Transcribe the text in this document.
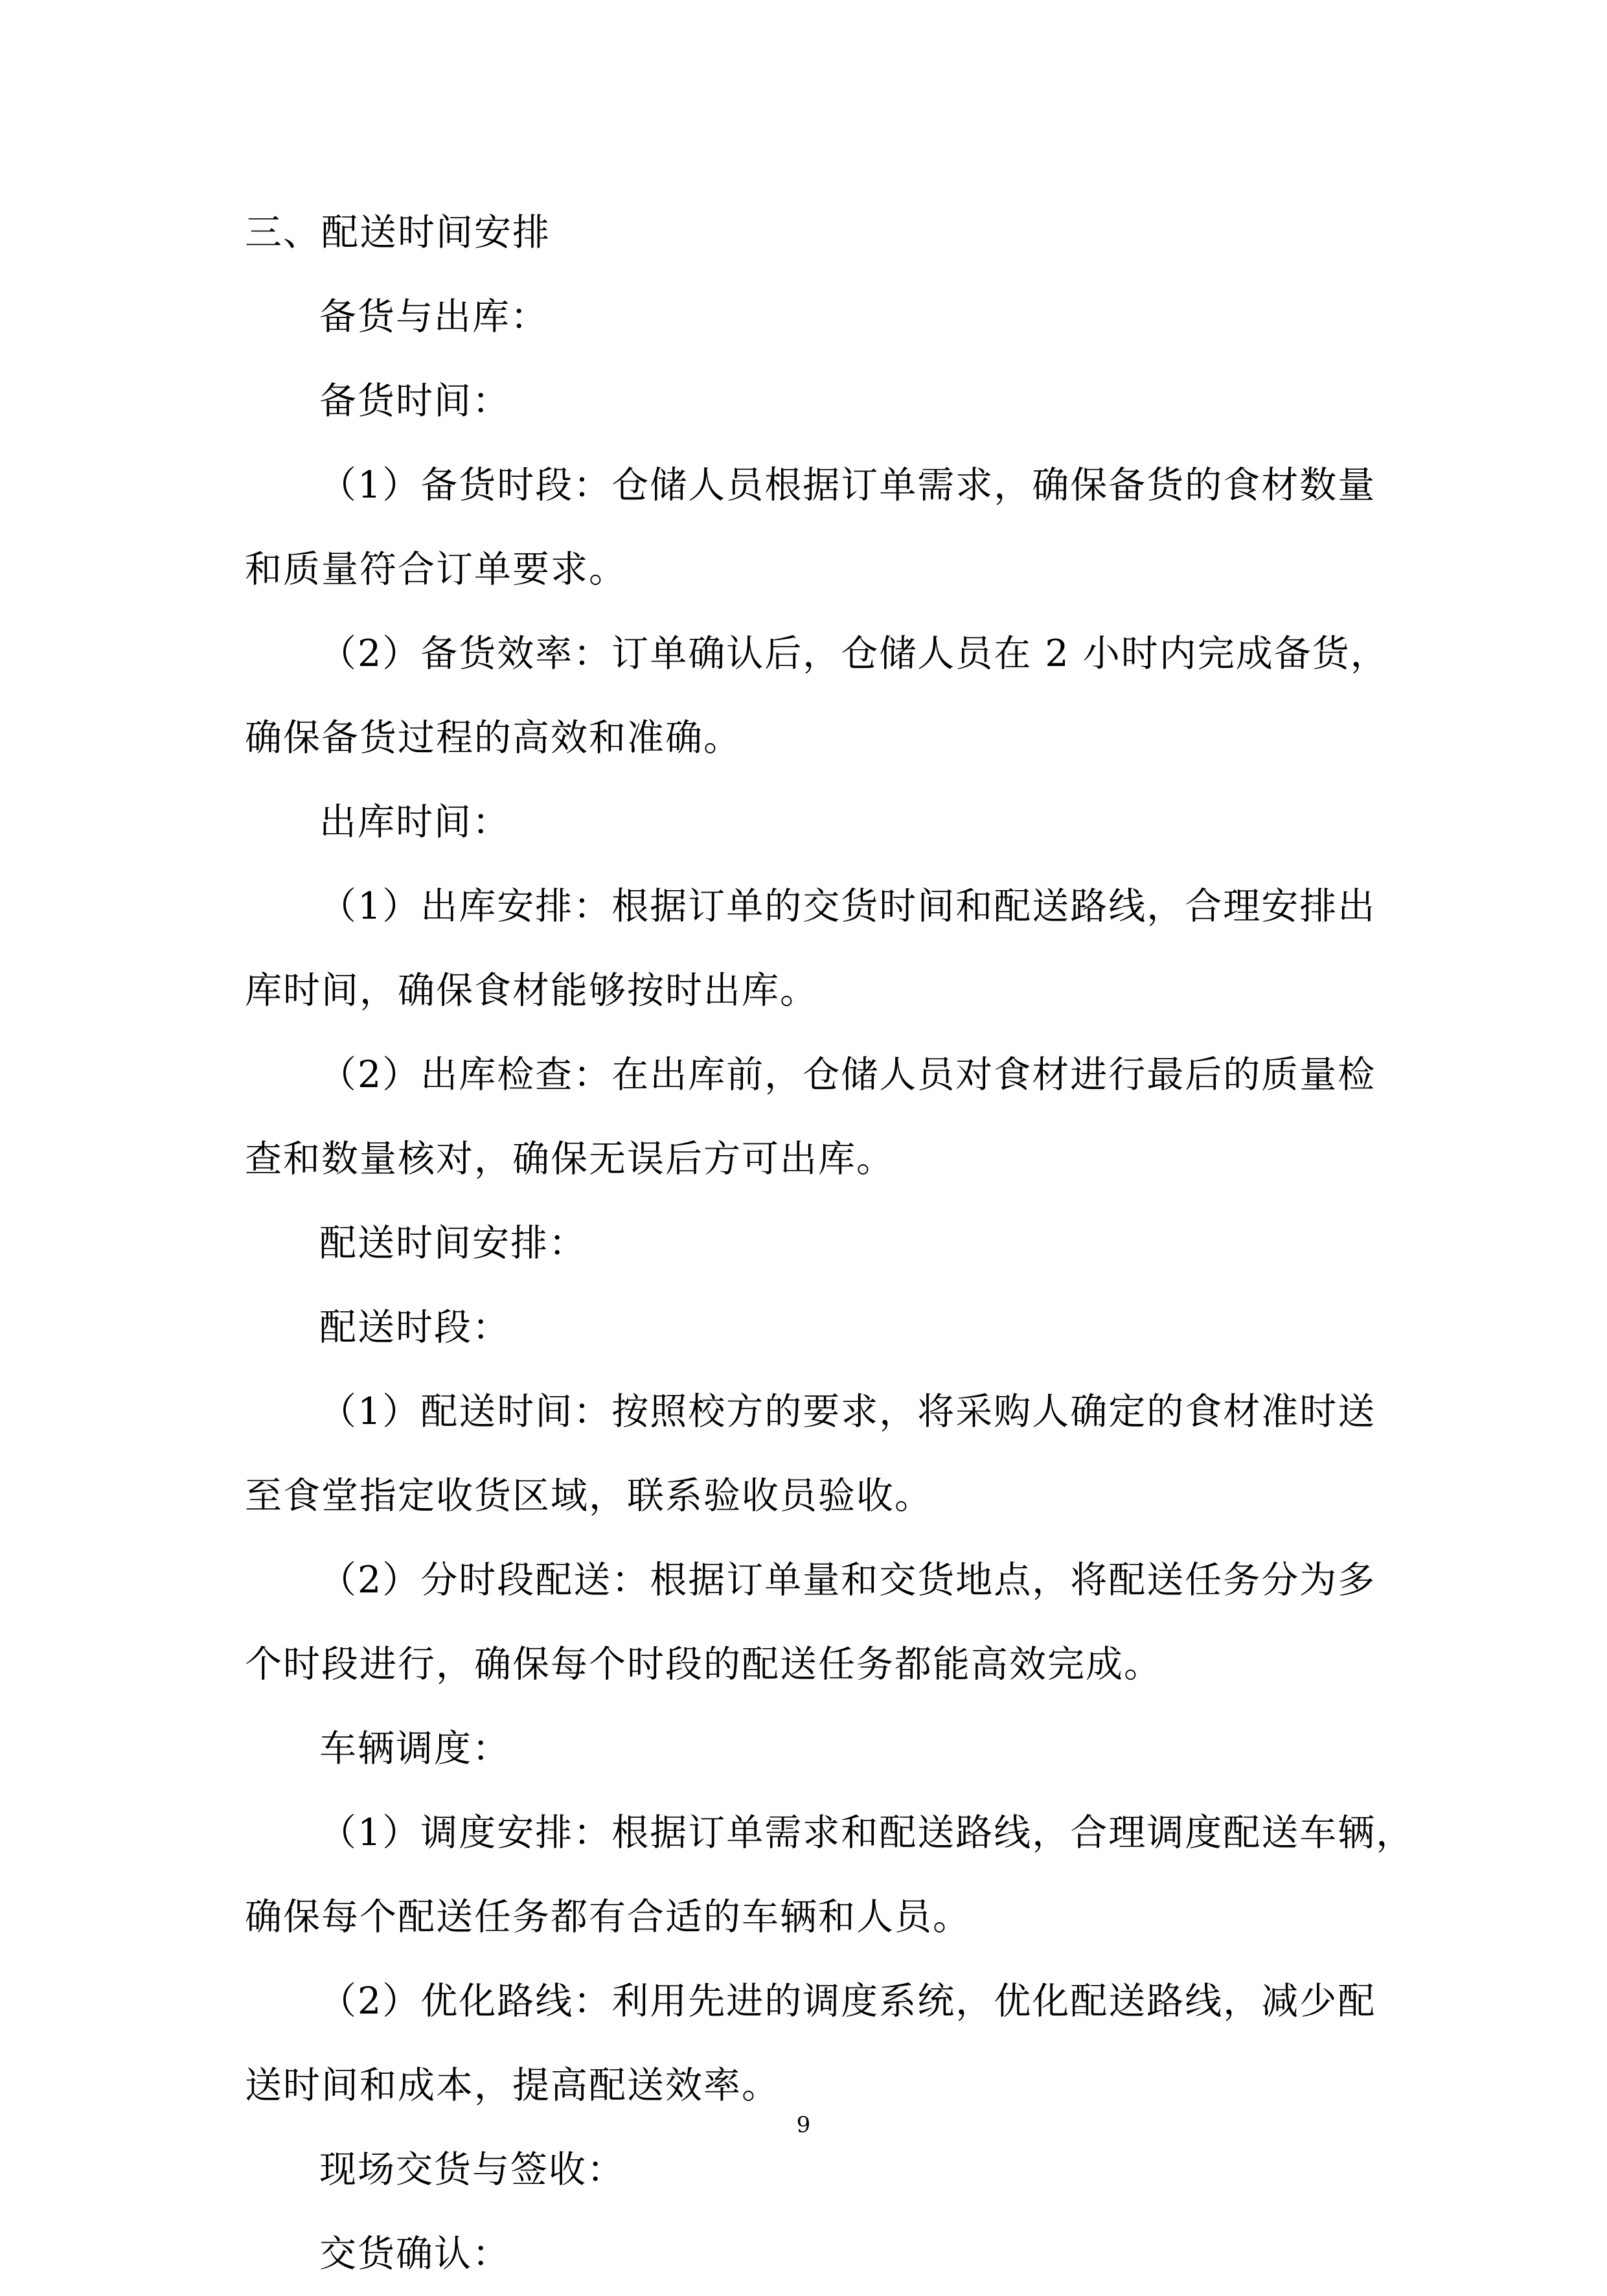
三、配送时间安排
备货与出库：
备货时间：
（1）备货时段：仓储人员根据订单需求，确保备货的食材数量
和质量符合订单要求。
（2）备货效率：订单确认后，仓储人员在 2 小时内完成备货，
确保备货过程的高效和准确。
出库时间：
（1）出库安排：根据订单的交货时间和配送路线，合理安排出
库时间，确保食材能够按时出库。
（2）出库检查：在出库前，仓储人员对食材进行最后的质量检
查和数量核对，确保无误后方可出库。
配送时间安排：
配送时段：
（1）配送时间：按照校方的要求，将采购人确定的食材准时送
至食堂指定收货区域，联系验收员验收。
（2）分时段配送：根据订单量和交货地点，将配送任务分为多
个时段进行，确保每个时段的配送任务都能高效完成。
车辆调度：
（1）调度安排：根据订单需求和配送路线，合理调度配送车辆，
确保每个配送任务都有合适的车辆和人员。
（2）优化路线：利用先进的调度系统，优化配送路线，减少配
送时间和成本，提高配送效率。
现场交货与签收：
交货确认：
9
